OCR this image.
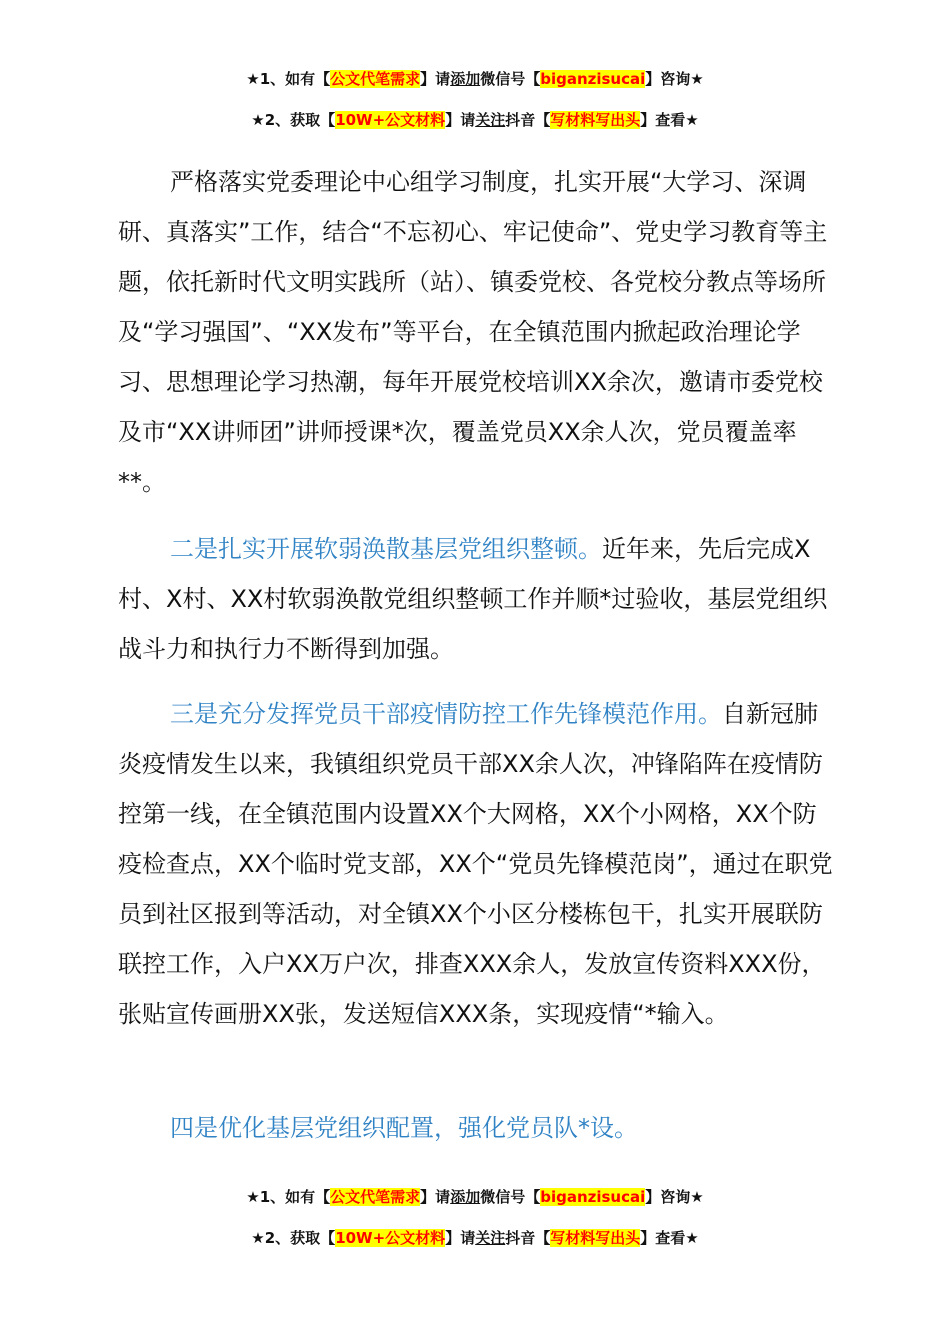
★1、如有【公文代笔需求】请添加微信号【biganzisucai】咨询★
★2、获取【10W+公文材料】请关注抖音【写材料写出头】查看★
严格落实党委理论中心组学习制度，扎实开展“大学习、深调研、真落实”工作，结合“不忘初心、牢记使命”、党史学习教育等主题，依托新时代文明实践所（站）、镇委党校、各党校分教点等场所及“学习强国”、“XX发布”等平台，在全镇范围内掀起政治理论学习、思想理论学习热潮，每年开展党校培训XX余次，邀请市委党校及市“XX讲师团”讲师授课*次，覆盖党员XX余人次，党员覆盖率**。
二是扎实开展软弱涣散基层党组织整顿。近年来，先后完成X村、X村、XX村软弱涣散党组织整顿工作并顺*过验收，基层党组织战斗力和执行力不断得到加强。
三是充分发挥党员干部疫情防控工作先锋模范作用。自新冠肺炎疫情发生以来，我镇组织党员干部XX余人次，冲锋陷阵在疫情防控第一线，在全镇范围内设置XX个大网格，XX个小网格，XX个防疫检查点，XX个临时党支部，XX个“党员先锋模范岗”，通过在职党员到社区报到等活动，对全镇XX个小区分楼栋包干，扎实开展联防联控工作，入户XX万户次，排查XXX余人，发放宣传资料XXX份，张贴宣传画册XX张，发送短信XXX条，实现疫情“*输入。
四是优化基层党组织配置，强化党员队*设。
★1、如有【公文代笔需求】请添加微信号【biganzisucai】咨询★
★2、获取【10W+公文材料】请关注抖音【写材料写出头】查看★
